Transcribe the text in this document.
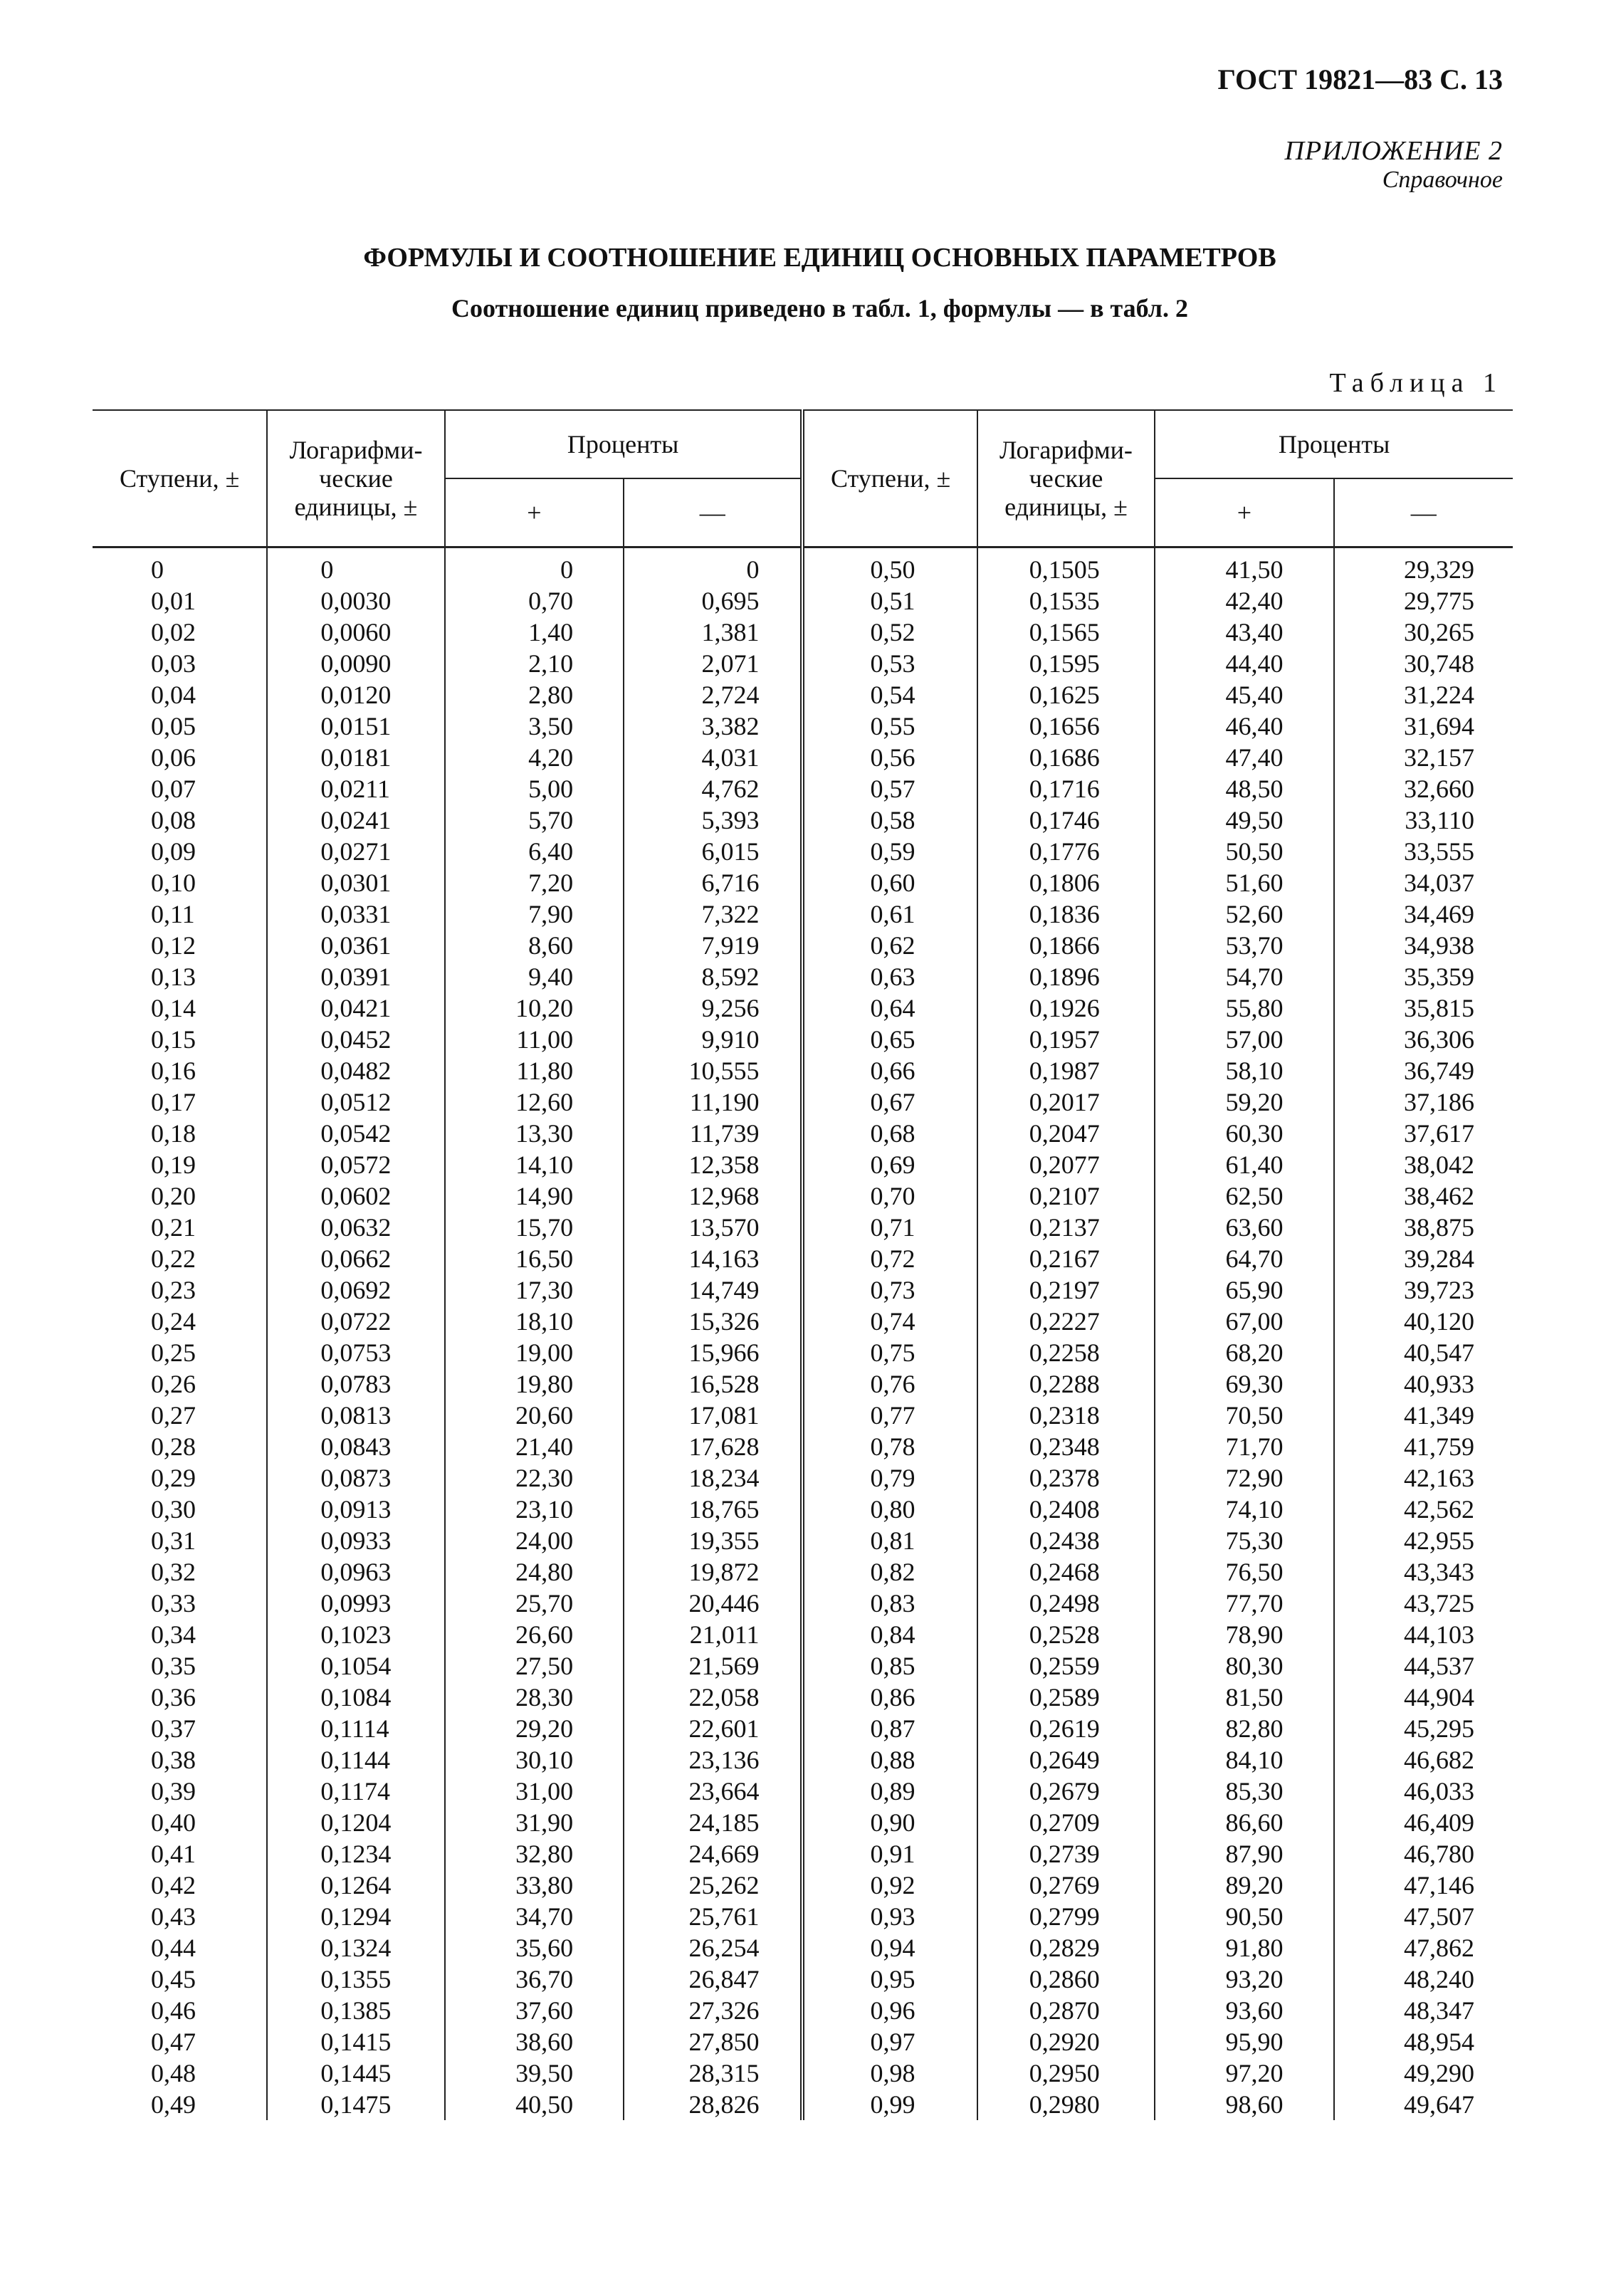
ГОСТ 19821—83 С. 13
ПРИЛОЖЕНИЕ 2
Справочное
ФОРМУЛЫ И СООТНОШЕНИЕ ЕДИНИЦ ОСНОВНЫХ ПАРАМЕТРОВ
Соотношение единиц приведено в табл. 1, формулы — в табл. 2
Таблица 1
Ступени, ±	Логарифми-ческие единицы, ±	Проценты		Ступени, ±	Логарифми-ческие единицы, ±	Проценты	
		+	—			+	—
0	0	0	0	0,50	0,1505	41,50	29,329
0,01	0,0030	0,70	0,695	0,51	0,1535	42,40	29,775
0,02	0,0060	1,40	1,381	0,52	0,1565	43,40	30,265
0,03	0,0090	2,10	2,071	0,53	0,1595	44,40	30,748
0,04	0,0120	2,80	2,724	0,54	0,1625	45,40	31,224
0,05	0,0151	3,50	3,382	0,55	0,1656	46,40	31,694
0,06	0,0181	4,20	4,031	0,56	0,1686	47,40	32,157
0,07	0,0211	5,00	4,762	0,57	0,1716	48,50	32,660
0,08	0,0241	5,70	5,393	0,58	0,1746	49,50	33,110
0,09	0,0271	6,40	6,015	0,59	0,1776	50,50	33,555
0,10	0,0301	7,20	6,716	0,60	0,1806	51,60	34,037
0,11	0,0331	7,90	7,322	0,61	0,1836	52,60	34,469
0,12	0,0361	8,60	7,919	0,62	0,1866	53,70	34,938
0,13	0,0391	9,40	8,592	0,63	0,1896	54,70	35,359
0,14	0,0421	10,20	9,256	0,64	0,1926	55,80	35,815
0,15	0,0452	11,00	9,910	0,65	0,1957	57,00	36,306
0,16	0,0482	11,80	10,555	0,66	0,1987	58,10	36,749
0,17	0,0512	12,60	11,190	0,67	0,2017	59,20	37,186
0,18	0,0542	13,30	11,739	0,68	0,2047	60,30	37,617
0,19	0,0572	14,10	12,358	0,69	0,2077	61,40	38,042
0,20	0,0602	14,90	12,968	0,70	0,2107	62,50	38,462
0,21	0,0632	15,70	13,570	0,71	0,2137	63,60	38,875
0,22	0,0662	16,50	14,163	0,72	0,2167	64,70	39,284
0,23	0,0692	17,30	14,749	0,73	0,2197	65,90	39,723
0,24	0,0722	18,10	15,326	0,74	0,2227	67,00	40,120
0,25	0,0753	19,00	15,966	0,75	0,2258	68,20	40,547
0,26	0,0783	19,80	16,528	0,76	0,2288	69,30	40,933
0,27	0,0813	20,60	17,081	0,77	0,2318	70,50	41,349
0,28	0,0843	21,40	17,628	0,78	0,2348	71,70	41,759
0,29	0,0873	22,30	18,234	0,79	0,2378	72,90	42,163
0,30	0,0913	23,10	18,765	0,80	0,2408	74,10	42,562
0,31	0,0933	24,00	19,355	0,81	0,2438	75,30	42,955
0,32	0,0963	24,80	19,872	0,82	0,2468	76,50	43,343
0,33	0,0993	25,70	20,446	0,83	0,2498	77,70	43,725
0,34	0,1023	26,60	21,011	0,84	0,2528	78,90	44,103
0,35	0,1054	27,50	21,569	0,85	0,2559	80,30	44,537
0,36	0,1084	28,30	22,058	0,86	0,2589	81,50	44,904
0,37	0,1114	29,20	22,601	0,87	0,2619	82,80	45,295
0,38	0,1144	30,10	23,136	0,88	0,2649	84,10	46,682
0,39	0,1174	31,00	23,664	0,89	0,2679	85,30	46,033
0,40	0,1204	31,90	24,185	0,90	0,2709	86,60	46,409
0,41	0,1234	32,80	24,669	0,91	0,2739	87,90	46,780
0,42	0,1264	33,80	25,262	0,92	0,2769	89,20	47,146
0,43	0,1294	34,70	25,761	0,93	0,2799	90,50	47,507
0,44	0,1324	35,60	26,254	0,94	0,2829	91,80	47,862
0,45	0,1355	36,70	26,847	0,95	0,2860	93,20	48,240
0,46	0,1385	37,60	27,326	0,96	0,2870	93,60	48,347
0,47	0,1415	38,60	27,850	0,97	0,2920	95,90	48,954
0,48	0,1445	39,50	28,315	0,98	0,2950	97,20	49,290
0,49	0,1475	40,50	28,826	0,99	0,2980	98,60	49,647
